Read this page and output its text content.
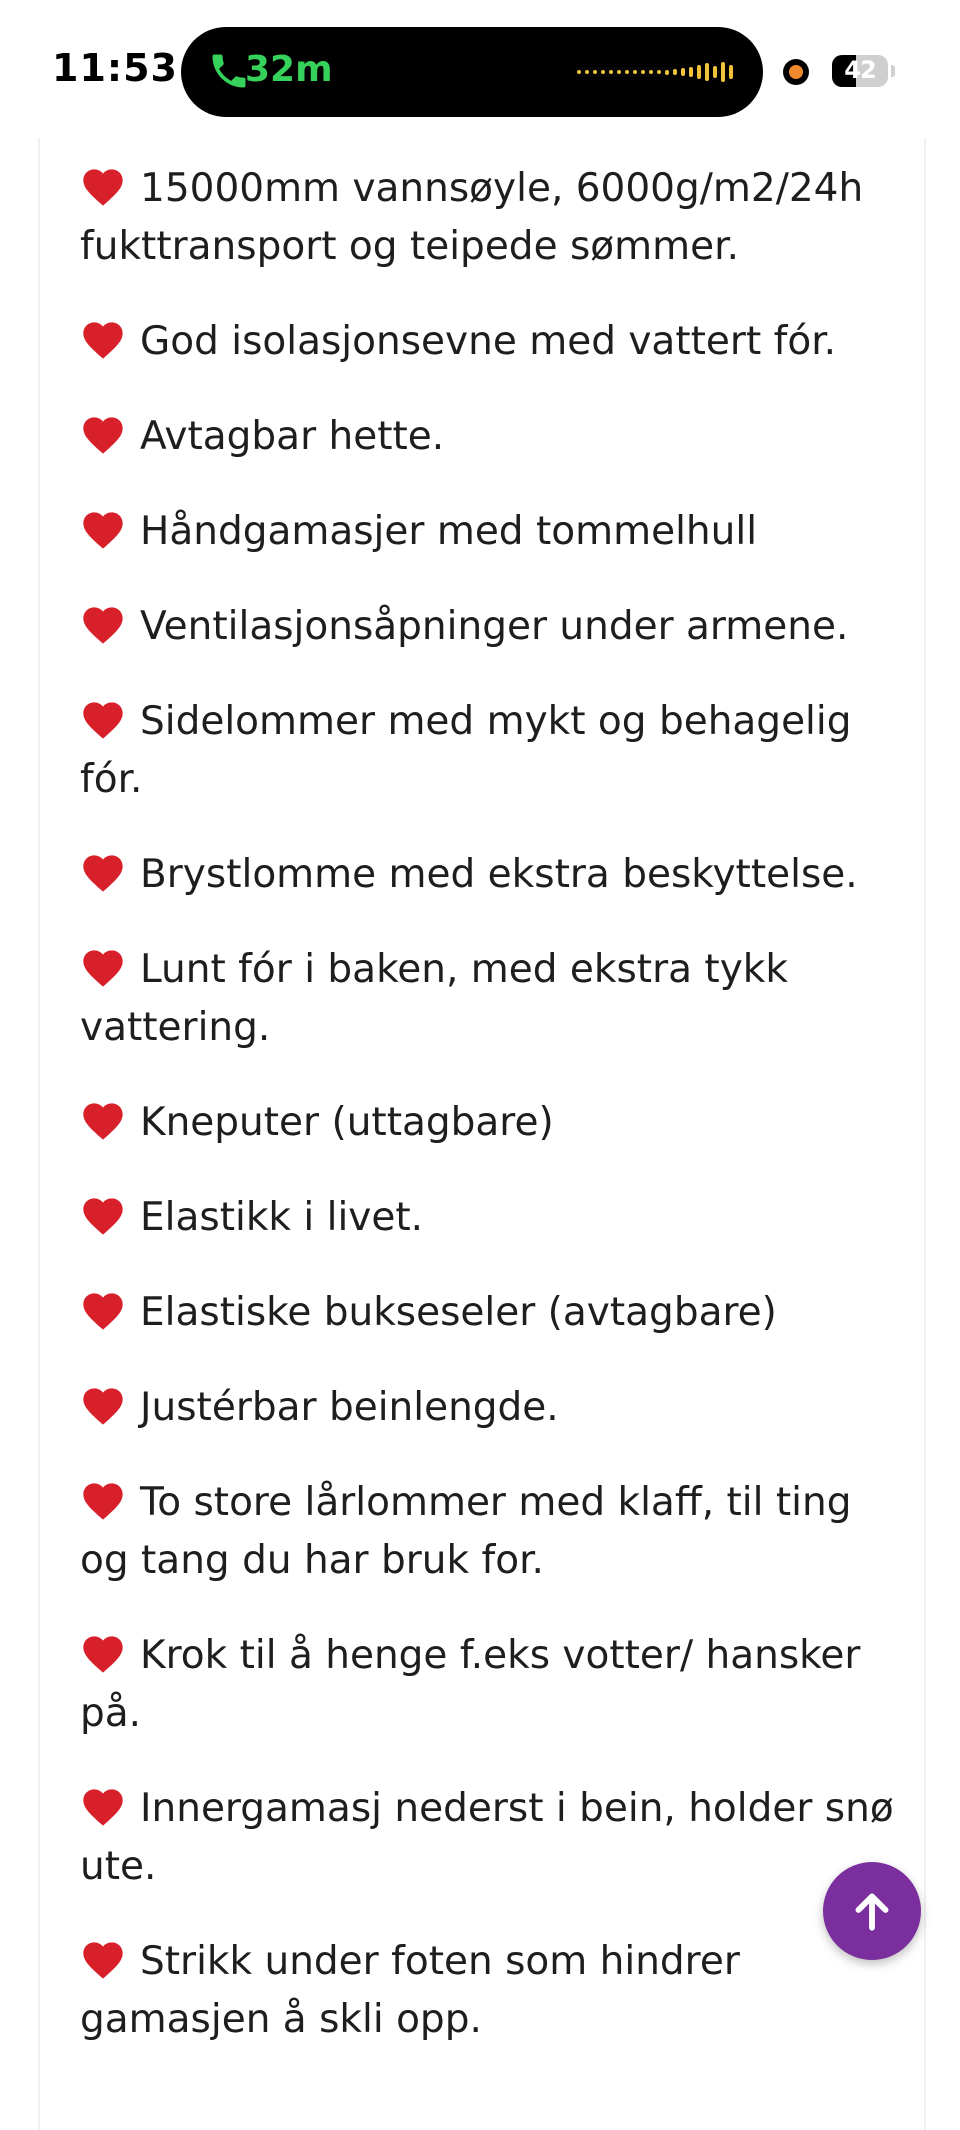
11:53 32m	42
15000mm vannsøyle, 6000g/m2/24h fukttransport og teipede sømmer.
God isolasjonsevne med vattert fór.
Avtagbar hette.
Håndgamasjer med tommelhull
Ventilasjonsåpninger under armene.
Sidelommer med mykt og behagelig fór.
Brystlomme med ekstra beskyttelse.
Lunt fór i baken, med ekstra tykk vattering.
Kneputer (uttagbare)
Elastikk i livet.
Elastiske bukseseler (avtagbare)
Justérbar beinlengde.
To store lårlommer med klaff, til ting og tang du har bruk for.
Krok til å henge f.eks votter/ hansker på.
Innergamasj nederst i bein, holder snø ute.
Strikk under foten som hindrer gamasjen å skli opp.
